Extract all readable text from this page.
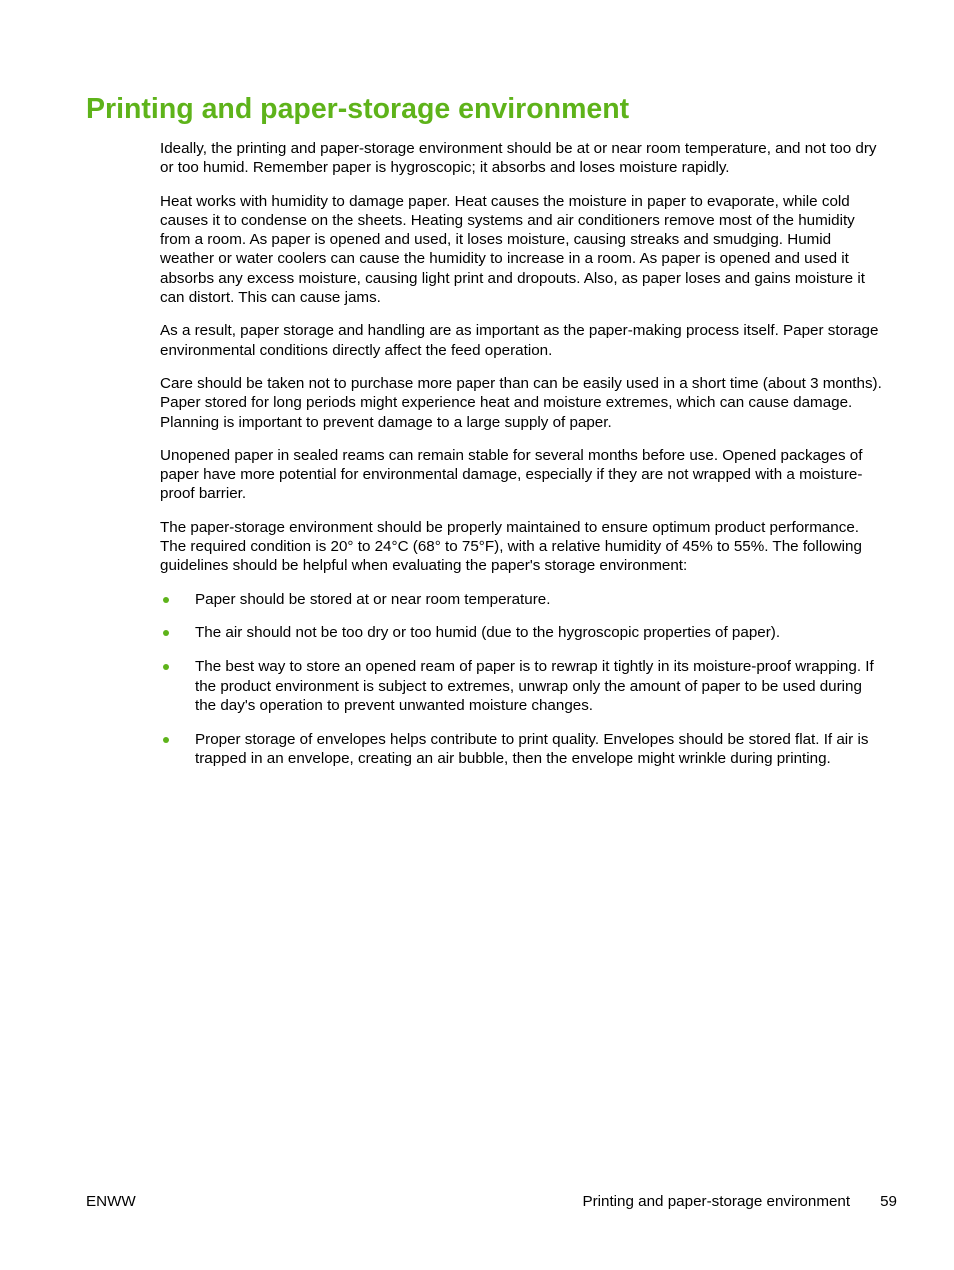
Printing and paper-storage environment

Ideally, the printing and paper-storage environment should be at or near room temperature, and not too dry or too humid. Remember paper is hygroscopic; it absorbs and loses moisture rapidly.

Heat works with humidity to damage paper. Heat causes the moisture in paper to evaporate, while cold causes it to condense on the sheets. Heating systems and air conditioners remove most of the humidity from a room. As paper is opened and used, it loses moisture, causing streaks and smudging. Humid weather or water coolers can cause the humidity to increase in a room. As paper is opened and used it absorbs any excess moisture, causing light print and dropouts. Also, as paper loses and gains moisture it can distort. This can cause jams.

As a result, paper storage and handling are as important as the paper-making process itself. Paper storage environmental conditions directly affect the feed operation.

Care should be taken not to purchase more paper than can be easily used in a short time (about 3 months). Paper stored for long periods might experience heat and moisture extremes, which can cause damage. Planning is important to prevent damage to a large supply of paper.

Unopened paper in sealed reams can remain stable for several months before use. Opened packages of paper have more potential for environmental damage, especially if they are not wrapped with a moisture-proof barrier.

The paper-storage environment should be properly maintained to ensure optimum product performance. The required condition is 20° to 24°C (68° to 75°F), with a relative humidity of 45% to 55%. The following guidelines should be helpful when evaluating the paper's storage environment:

Paper should be stored at or near room temperature.
The air should not be too dry or too humid (due to the hygroscopic properties of paper).
The best way to store an opened ream of paper is to rewrap it tightly in its moisture-proof wrapping. If the product environment is subject to extremes, unwrap only the amount of paper to be used during the day's operation to prevent unwanted moisture changes.
Proper storage of envelopes helps contribute to print quality. Envelopes should be stored flat. If air is trapped in an envelope, creating an air bubble, then the envelope might wrinkle during printing.
ENWW	Printing and paper-storage environment 59
